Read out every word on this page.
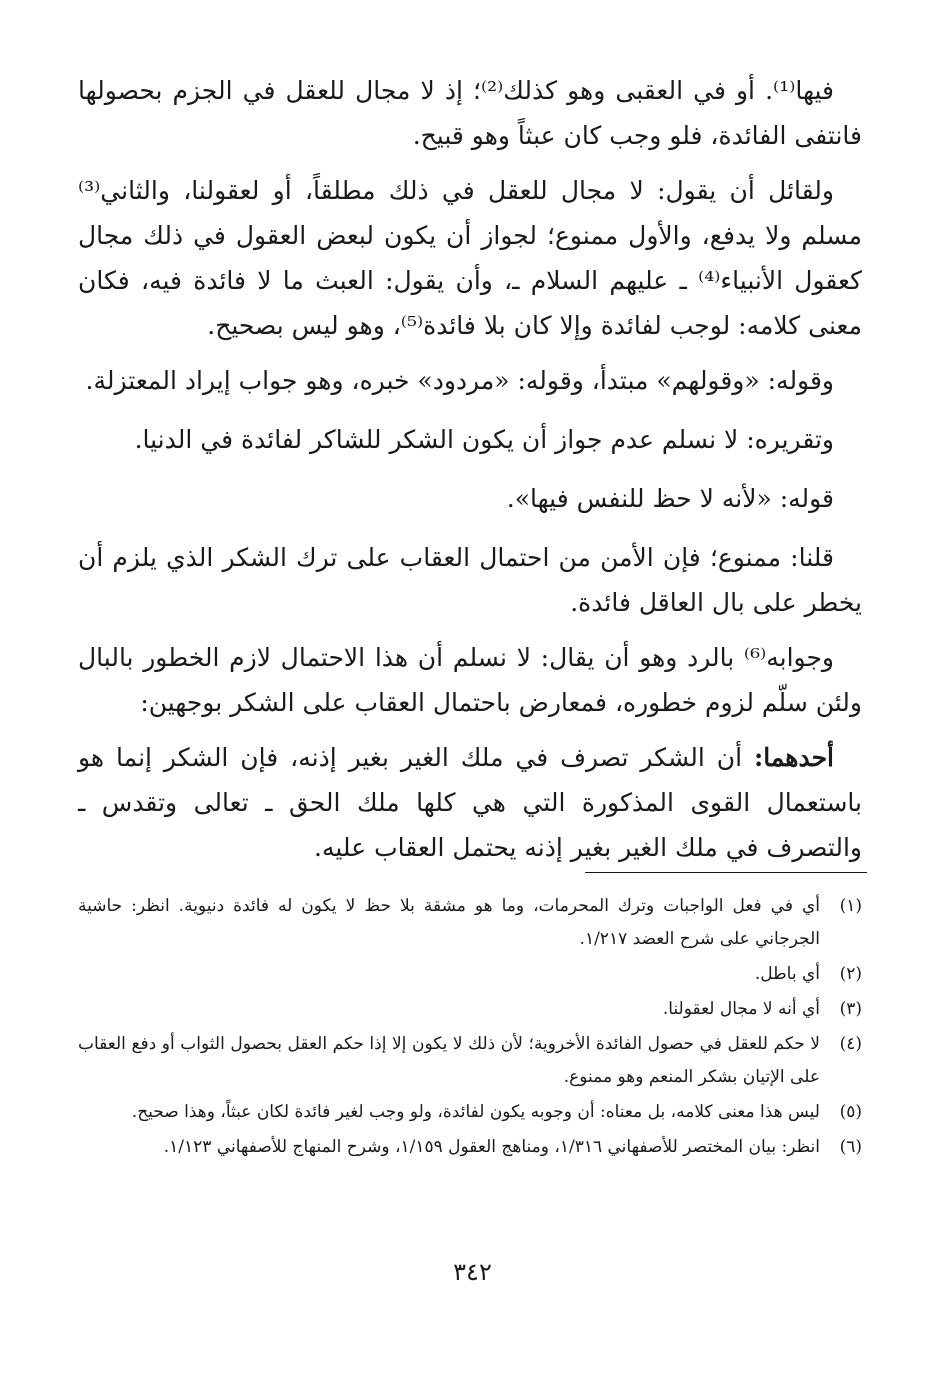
فيها⁽¹⁾. أو في العقبى وهو كذلك⁽²⁾؛ إذ لا مجال للعقل في الجزم بحصولها فانتفى الفائدة، فلو وجب كان عبثاً وهو قبيح.

ولقائل أن يقول: لا مجال للعقل في ذلك مطلقاً، أو لعقولنا، والثاني⁽³⁾ مسلم ولا يدفع، والأول ممنوع؛ لجواز أن يكون لبعض العقول في ذلك مجال كعقول الأنبياء⁽⁴⁾ ـ عليهم السلام ـ، وأن يقول: العبث ما لا فائدة فيه، فكان معنى كلامه: لوجب لفائدة وإلا كان بلا فائدة⁽⁵⁾، وهو ليس بصحيح.

وقوله: «وقولهم» مبتدأ، وقوله: «مردود» خبره، وهو جواب إيراد المعتزلة.

وتقريره: لا نسلم عدم جواز أن يكون الشكر للشاكر لفائدة في الدنيا.

قوله: «لأنه لا حظ للنفس فيها».

قلنا: ممنوع؛ فإن الأمن من احتمال العقاب على ترك الشكر الذي يلزم أن يخطر على بال العاقل فائدة.

وجوابه⁽⁶⁾ بالرد وهو أن يقال: لا نسلم أن هذا الاحتمال لازم الخطور بالبال ولئن سلّم لزوم خطوره، فمعارض باحتمال العقاب على الشكر بوجهين:

أحدهما: أن الشكر تصرف في ملك الغير بغير إذنه، فإن الشكر إنما هو باستعمال القوى المذكورة التي هي كلها ملك الحق ـ تعالى وتقدس ـ والتصرف في ملك الغير بغير إذنه يحتمل العقاب عليه.

(١)
أي في فعل الواجبات وترك المحرمات، وما هو مشقة بلا حظ لا يكون له فائدة دنيوية. انظر: حاشية الجرجاني على شرح العضد ١/٢١٧.
(٢)
أي باطل.
(٣)
أي أنه لا مجال لعقولنا.
(٤)
لا حكم للعقل في حصول الفائدة الأخروية؛ لأن ذلك لا يكون إلا إذا حكم العقل بحصول الثواب أو دفع العقاب على الإتيان بشكر المنعم وهو ممنوع.
(٥)
ليس هذا معنى كلامه، بل معناه: أن وجوبه يكون لفائدة، ولو وجب لغير فائدة لكان عبثاً، وهذا صحيح.
(٦)
انظر: بيان المختصر للأصفهاني ١/٣١٦، ومناهج العقول ١/١٥٩، وشرح المنهاج للأصفهاني ١/١٢٣.
٣٤٢
